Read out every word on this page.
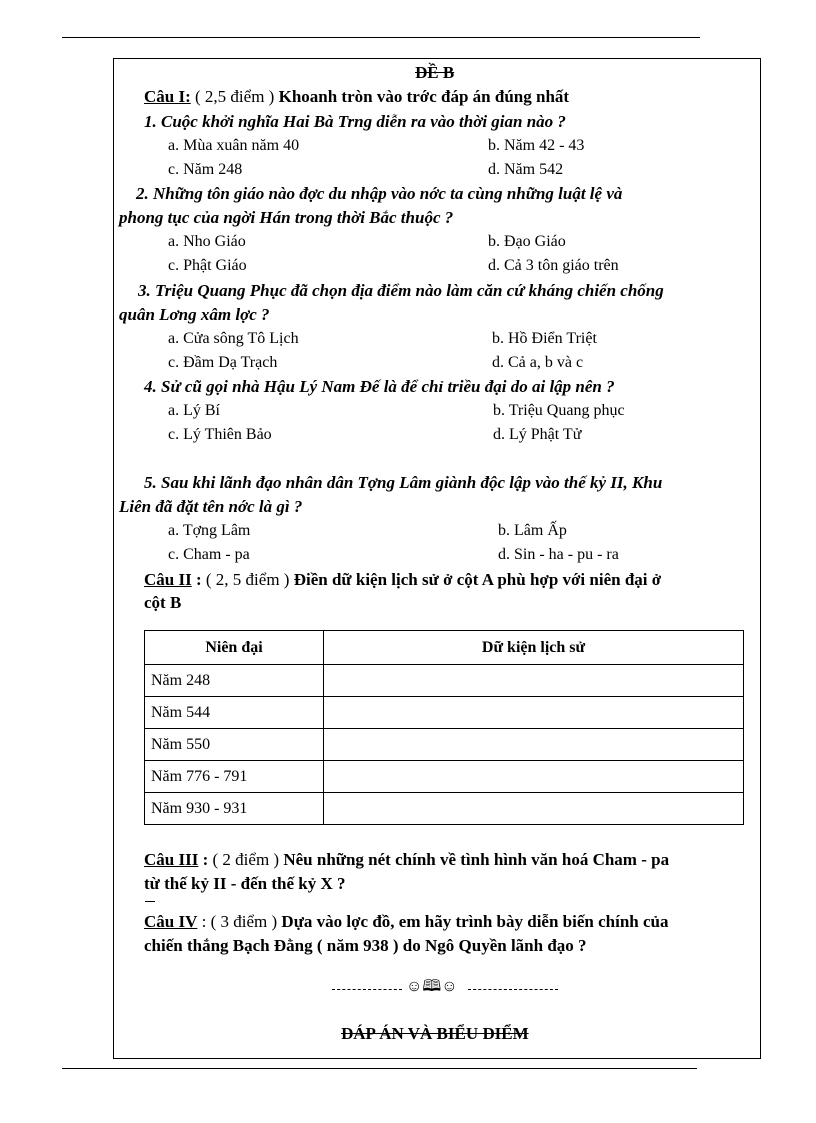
ĐỀ B
Câu I: ( 2,5 điểm ) Khoanh tròn vào trớc đáp án đúng nhất
1. Cuộc khởi nghĩa Hai Bà Trng diễn ra vào thời gian nào ?
a. Mùa xuân năm 40	b. Năm 42 - 43
c. Năm 248	d. Năm 542
2. Những tôn giáo nào đợc du nhập vào nớc ta cùng những luật lệ và
phong tục của ngời Hán trong thời Bắc thuộc ?
a. Nho Giáo	b. Đạo Giáo
c. Phật Giáo	d. Cả 3 tôn giáo trên
3. Triệu Quang Phục đã chọn địa điểm nào làm căn cứ kháng chiến chống
quân Lơng xâm lợc ?
a. Cửa sông Tô Lịch	b. Hồ Điển Triệt
c. Đầm Dạ Trạch	d. Cả a, b và c
4. Sử cũ gọi nhà Hậu Lý Nam Đế là để chỉ triều đại do ai lập nên ?
a. Lý Bí	b. Triệu Quang phục
c. Lý Thiên Bảo	d. Lý Phật Tử
5. Sau khi lãnh đạo nhân dân Tợng Lâm giành độc lập vào thế kỷ II, Khu
Liên đã đặt tên nớc là gì ?
a. Tợng Lâm	b. Lâm Ấp
c. Cham - pa	d. Sin - ha - pu - ra
Câu II : ( 2, 5 điểm ) Điền dữ kiện lịch sử ở cột A phù hợp với niên đại ở
cột B
Niên đại	Dữ kiện lịch sử
Năm 248	
Năm 544	
Năm 550	
Năm 776 - 791	
Năm 930 - 931	
Câu III : ( 2 điểm ) Nêu những nét chính về tình hình văn hoá Cham - pa
từ thế kỷ II - đến thế kỷ X ?
Câu IV : ( 3 điểm ) Dựa vào lợc đồ, em hãy trình bày diễn biến chính của
chiến thắng Bạch Đằng ( năm 938 ) do Ngô Quyền lãnh đạo ?
☺🕮☺
ĐÁP ÁN VÀ BIỂU ĐIỂM
